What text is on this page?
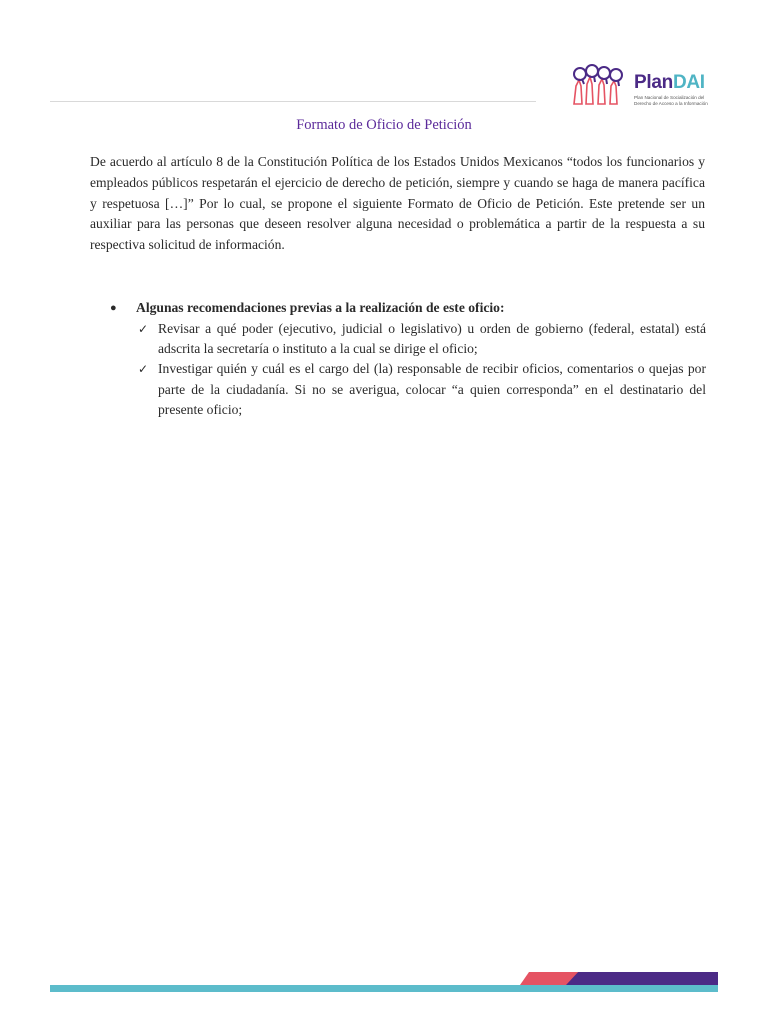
PlanDAI
Plan Nacional de Socialización del Derecho de Acceso a la Información
Formato de Oficio de Petición

De acuerdo al artículo 8 de la Constitución Política de los Estados Unidos Mexicanos “todos los funcionarios y empleados públicos respetarán el ejercicio de derecho de petición, siempre y cuando se haga de manera pacífica y respetuosa […]” Por lo cual, se propone el siguiente Formato de Oficio de Petición. Este pretende ser un auxiliar para las personas que deseen resolver alguna necesidad o problemática a partir de la respuesta a su respectiva solicitud de información.

● Algunas recomendaciones previas a la realización de este oficio:
✓ Revisar a qué poder (ejecutivo, judicial o legislativo) u orden de gobierno (federal, estatal) está adscrita la secretaría o instituto a la cual se dirige el oficio;
✓ Investigar quién y cuál es el cargo del (la) responsable de recibir oficios, comentarios o quejas por parte de la ciudadanía. Si no se averigua, colocar “a quien corresponda” en el destinatario del presente oficio;
